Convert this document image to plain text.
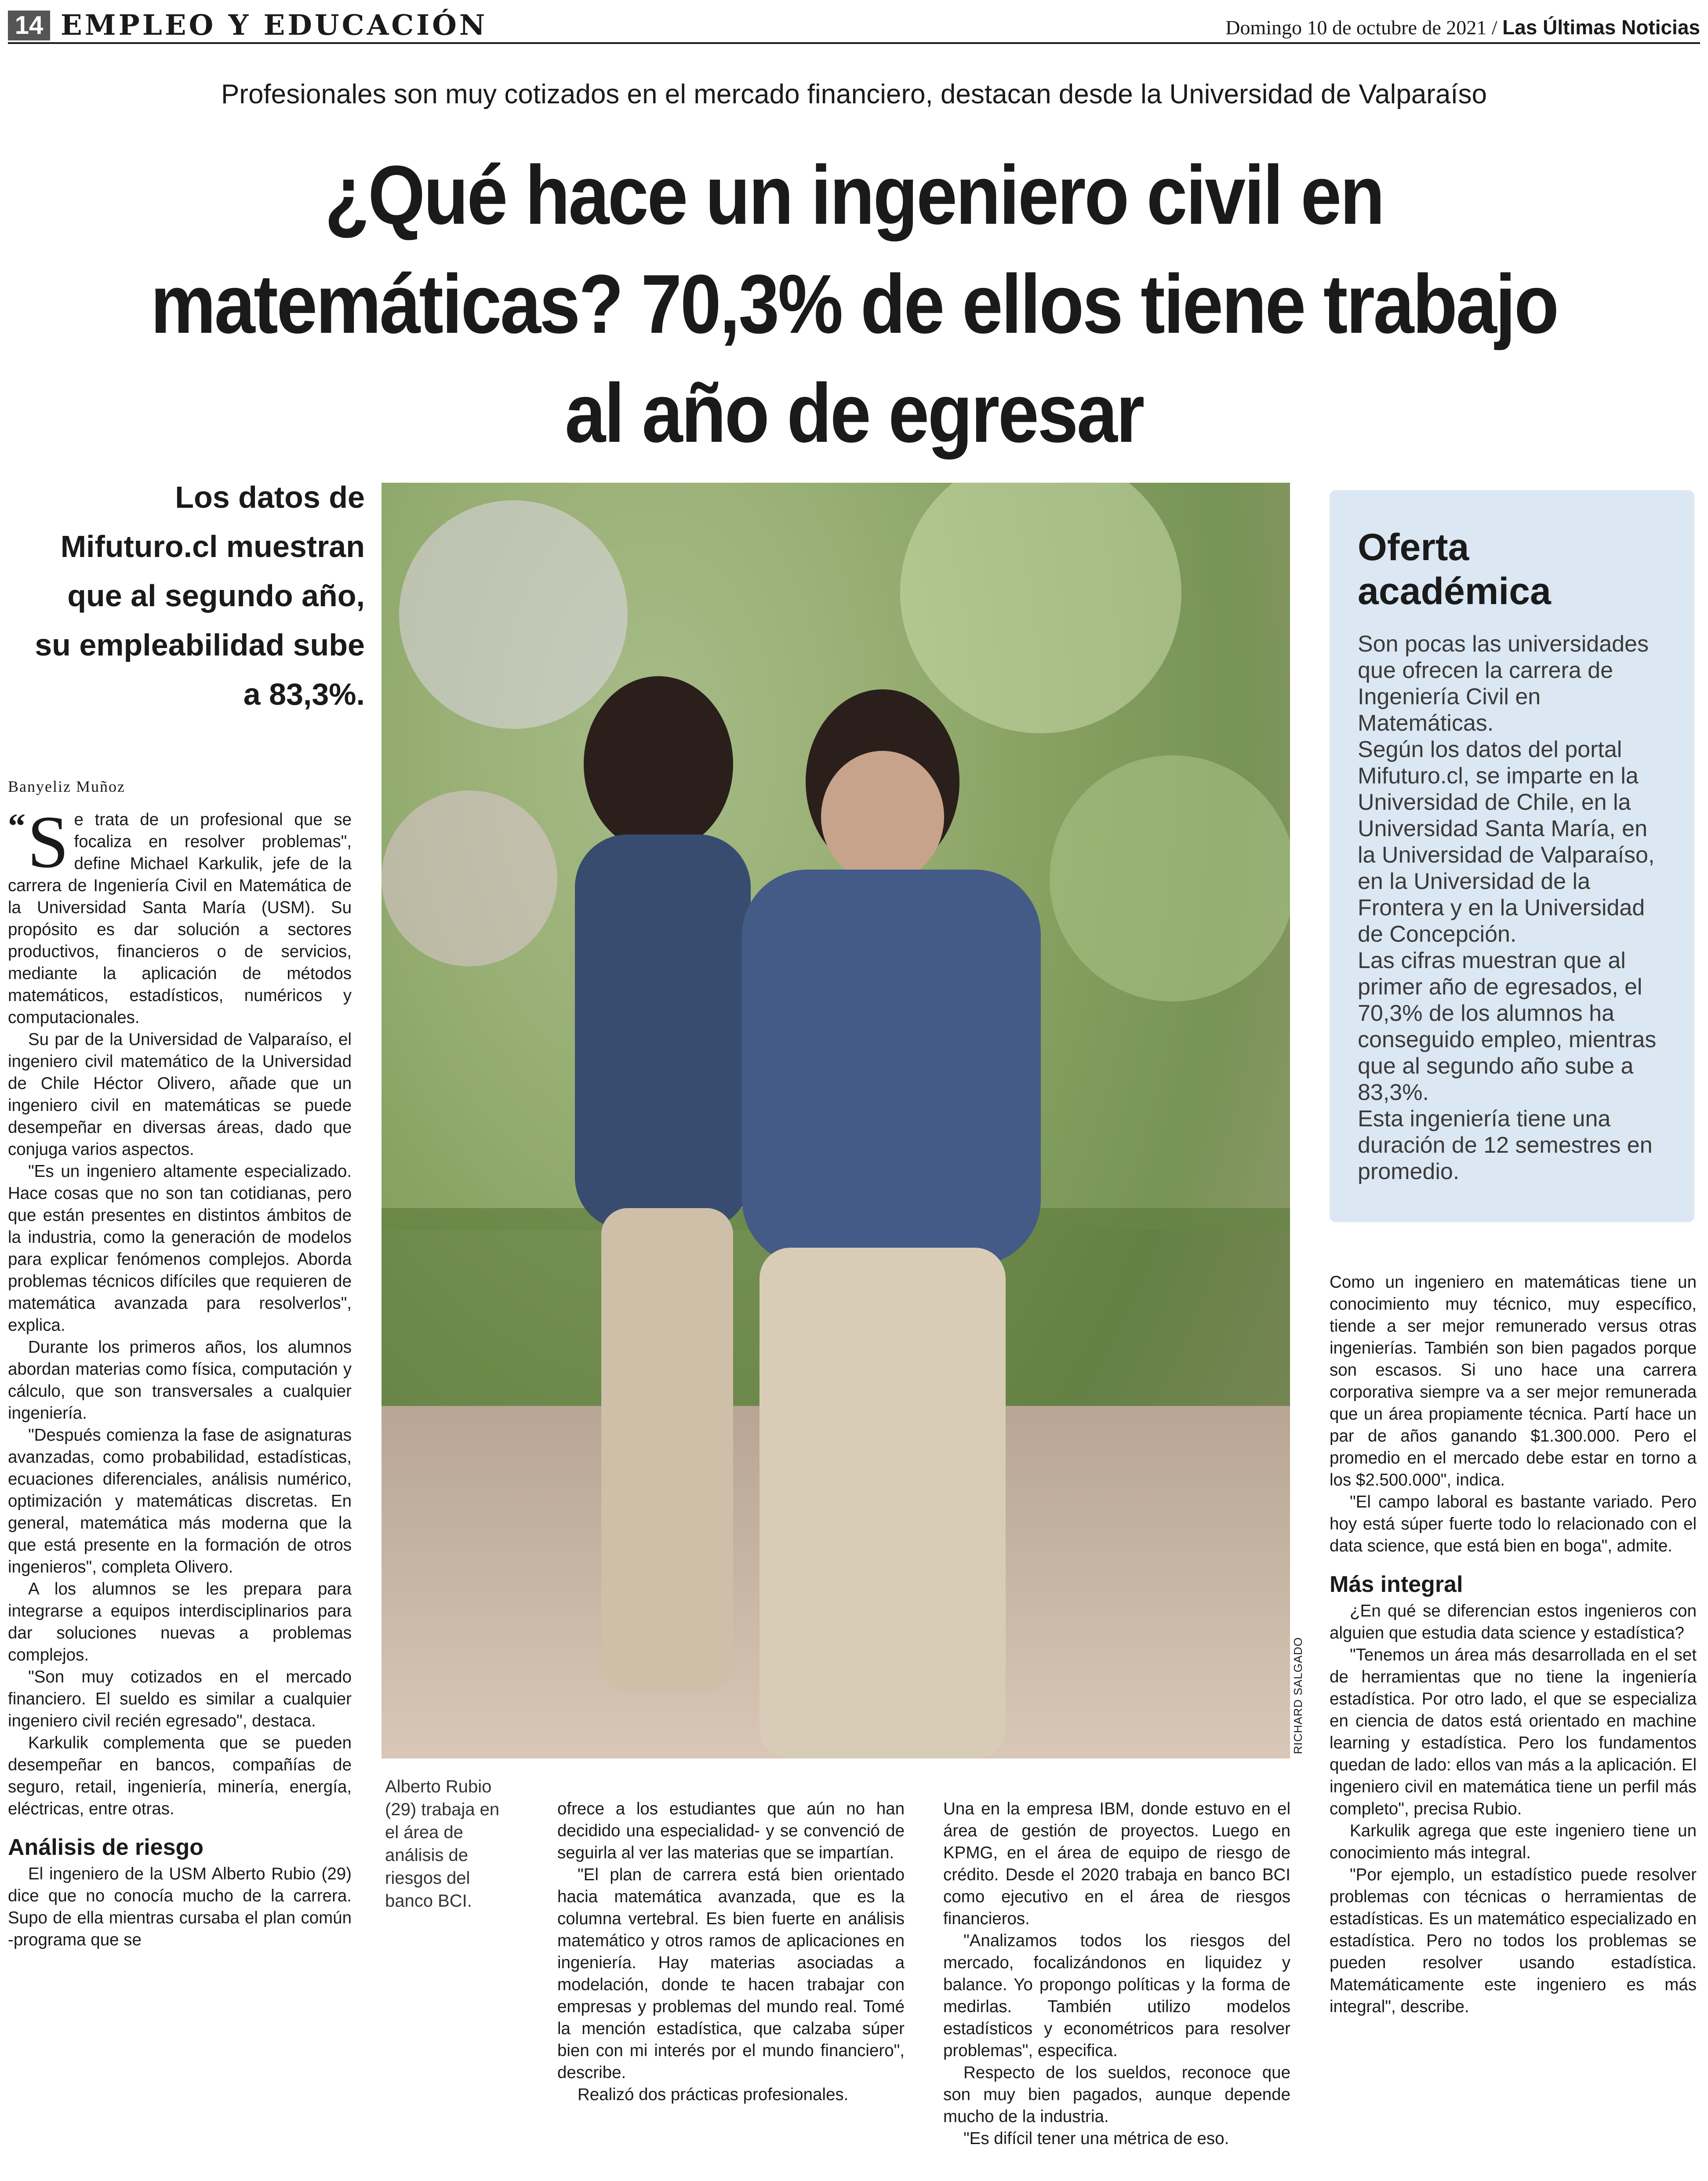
14 EMPLEO Y EDUCACIÓN	Domingo 10 de octubre de 2021 / Las Últimas Noticias
Profesionales son muy cotizados en el mercado financiero, destacan desde la Universidad de Valparaíso
¿Qué hace un ingeniero civil en matemáticas? 70,3% de ellos tiene trabajo al año de egresar
Los datos de Mifuturo.cl muestran que al segundo año, su empleabilidad sube a 83,3%.
Banyeliz Muñoz

“S e trata de un profesional que se focaliza en resolver problemas", define Michael Karkulik, jefe de la carrera de Ingeniería Civil en Matemática de la Universidad Santa María (USM). Su propósito es dar solución a sectores productivos, financieros o de servicios, mediante la aplicación de métodos matemáticos, estadísticos, numéricos y computacionales.

Su par de la Universidad de Valparaíso, el ingeniero civil matemático de la Universidad de Chile Héctor Olivero, añade que un ingeniero civil en matemáticas se puede desempeñar en diversas áreas, dado que conjuga varios aspectos.

"Es un ingeniero altamente especializado. Hace cosas que no son tan cotidianas, pero que están presentes en distintos ámbitos de la industria, como la generación de modelos para explicar fenómenos complejos. Aborda problemas técnicos difíciles que requieren de matemática avanzada para resolverlos", explica.

Durante los primeros años, los alumnos abordan materias como física, computación y cálculo, que son transversales a cualquier ingeniería.

"Después comienza la fase de asignaturas avanzadas, como probabilidad, estadísticas, ecuaciones diferenciales, análisis numérico, optimización y matemáticas discretas. En general, matemática más moderna que la que está presente en la formación de otros ingenieros", completa Olivero.

A los alumnos se les prepara para integrarse a equipos interdisciplinarios para dar soluciones nuevas a problemas complejos.

"Son muy cotizados en el mercado financiero. El sueldo es similar a cualquier ingeniero civil recién egresado", destaca.

Karkulik complementa que se pueden desempeñar en bancos, compañías de seguro, retail, ingeniería, minería, energía, eléctricas, entre otras.

Análisis de riesgo

El ingeniero de la USM Alberto Rubio (29) dice que no conocía mucho de la carrera. Supo de ella mientras cursaba el plan común -programa que se

RICHARD SALGADO
Alberto Rubio (29) trabaja en el área de análisis de riesgos del banco BCI.

ofrece a los estudiantes que aún no han decidido una especialidad- y se convenció de seguirla al ver las materias que se impartían.

"El plan de carrera está bien orientado hacia matemática avanzada, que es la columna vertebral. Es bien fuerte en análisis matemático y otros ramos de aplicaciones en ingeniería. Hay materias asociadas a modelación, donde te hacen trabajar con empresas y problemas del mundo real. Tomé la mención estadística, que calzaba súper bien con mi interés por el mundo financiero", describe.

Realizó dos prácticas profesionales.

Una en la empresa IBM, donde estuvo en el área de gestión de proyectos. Luego en KPMG, en el área de equipo de riesgo de crédito. Desde el 2020 trabaja en banco BCI como ejecutivo en el área de riesgos financieros.

"Analizamos todos los riesgos del mercado, focalizándonos en liquidez y balance. Yo propongo políticas y la forma de medirlas. También utilizo modelos estadísticos y econométricos para resolver problemas", especifica.

Respecto de los sueldos, reconoce que son muy bien pagados, aunque depende mucho de la industria.

"Es difícil tener una métrica de eso.

Oferta académica

Son pocas las universidades que ofrecen la carrera de Ingeniería Civil en Matemáticas.

Según los datos del portal Mifuturo.cl, se imparte en la Universidad de Chile, en la Universidad Santa María, en la Universidad de Valparaíso, en la Universidad de la Frontera y en la Universidad de Concepción.

Las cifras muestran que al primer año de egresados, el 70,3% de los alumnos ha conseguido empleo, mientras que al segundo año sube a 83,3%.

Esta ingeniería tiene una duración de 12 semestres en promedio.

Como un ingeniero en matemáticas tiene un conocimiento muy técnico, muy específico, tiende a ser mejor remunerado versus otras ingenierías. También son bien pagados porque son escasos. Si uno hace una carrera corporativa siempre va a ser mejor remunerada que un área propiamente técnica. Partí hace un par de años ganando $1.300.000. Pero el promedio en el mercado debe estar en torno a los $2.500.000", indica.

"El campo laboral es bastante variado. Pero hoy está súper fuerte todo lo relacionado con el data science, que está bien en boga", admite.

Más integral

¿En qué se diferencian estos ingenieros con alguien que estudia data science y estadística?

"Tenemos un área más desarrollada en el set de herramientas que no tiene la ingeniería estadística. Por otro lado, el que se especializa en ciencia de datos está orientado en machine learning y estadística. Pero los fundamentos quedan de lado: ellos van más a la aplicación. El ingeniero civil en matemática tiene un perfil más completo", precisa Rubio.

Karkulik agrega que este ingeniero tiene un conocimiento más integral.

"Por ejemplo, un estadístico puede resolver problemas con técnicas o herramientas de estadísticas. Es un matemático especializado en estadística. Pero no todos los problemas se pueden resolver usando estadística. Matemáticamente este ingeniero es más integral", describe.
